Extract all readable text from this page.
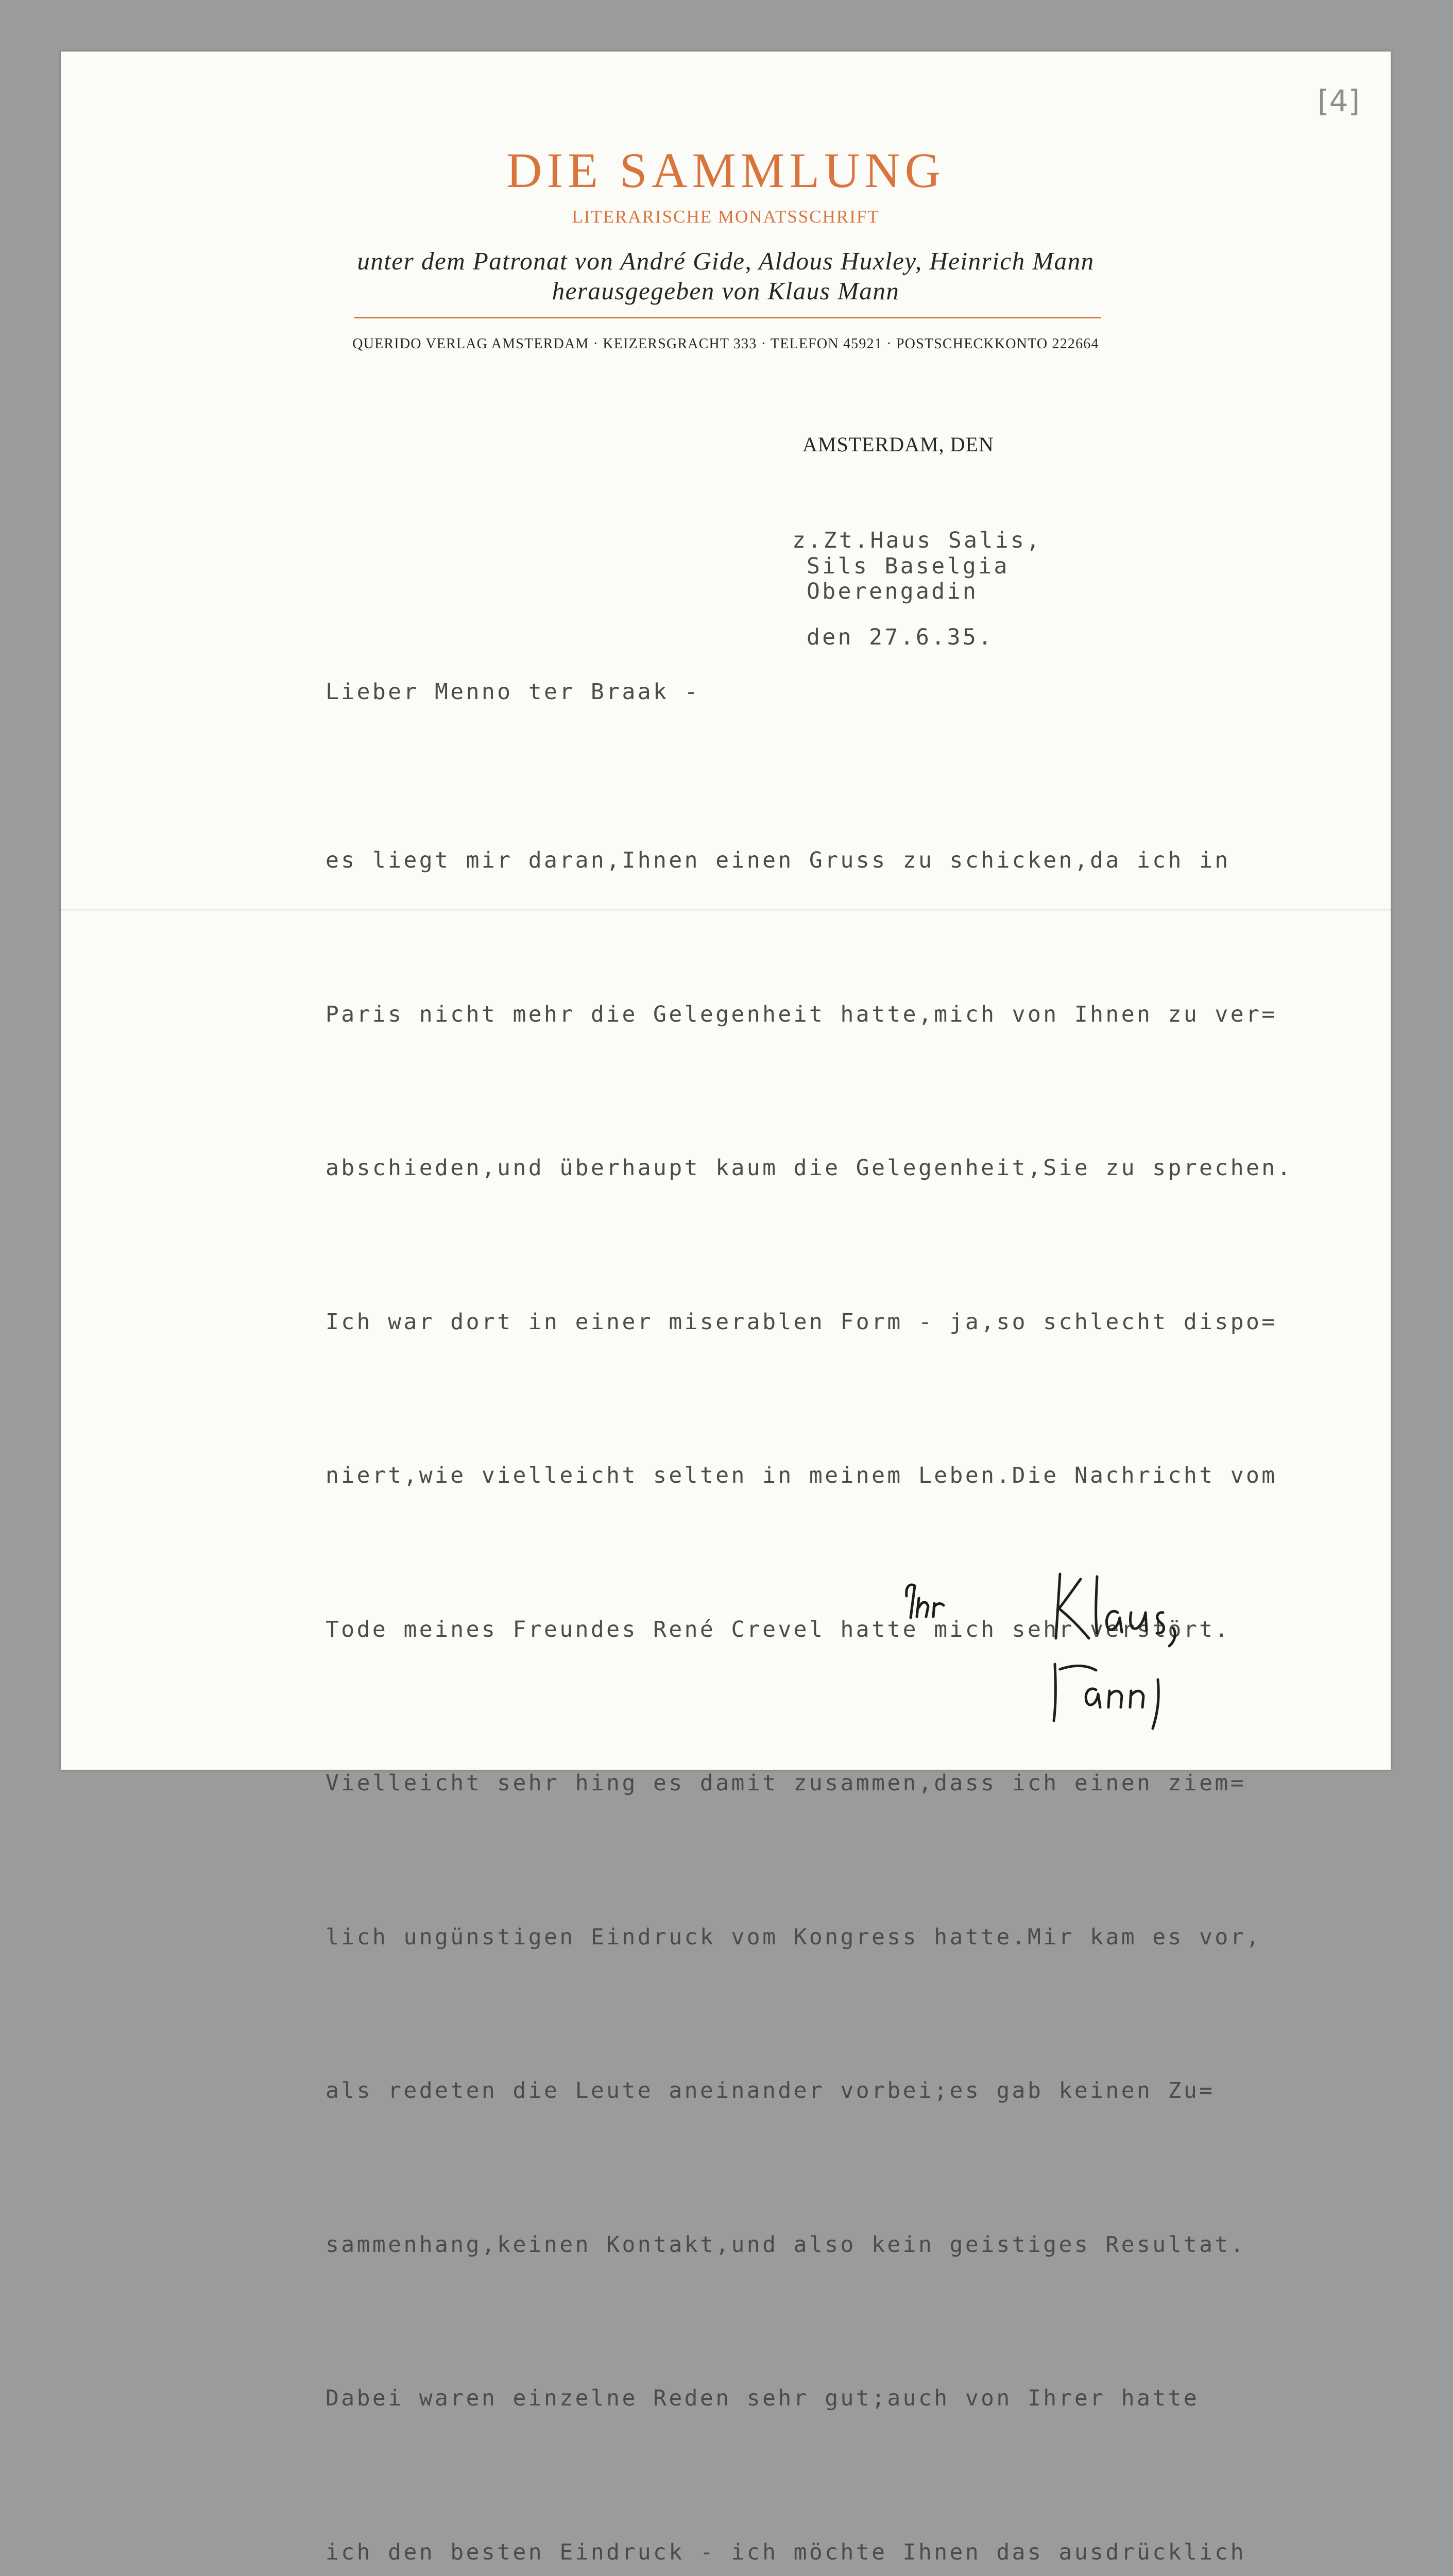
[4]
DIE SAMMLUNG
LITERARISCHE MONATSSCHRIFT
unter dem Patronat von André Gide, Aldous Huxley, Heinrich Mann
herausgegeben von Klaus Mann
QUERIDO VERLAG AMSTERDAM · KEIZERSGRACHT 333 · TELEFON 45921 · POSTSCHECKKONTO 222664
AMSTERDAM, DEN
z.Zt.Haus Salis,
Sils Baselgia
Oberengadin
den 27.6.35.
Lieber Menno ter Braak -

es liegt mir daran,Ihnen einen Gruss zu schicken,da ich in

Paris nicht mehr die Gelegenheit hatte,mich von Ihnen zu ver=

abschieden,und überhaupt kaum die Gelegenheit,Sie zu sprechen.

Ich war dort in einer miserablen Form - ja,so schlecht dispo=

niert,wie vielleicht selten in meinem Leben.Die Nachricht vom

Tode meines Freundes René Crevel hatte mich sehr verstört.

Vielleicht sehr hing es damit zusammen,dass ich einen ziem=

lich ungünstigen Eindruck vom Kongress hatte.Mir kam es vor,

als redeten die Leute aneinander vorbei;es gab keinen Zu=

sammenhang,keinen Kontakt,und also kein geistiges Resultat.

Dabei waren einzelne Reden sehr gut;auch von Ihrer hatte

ich den besten Eindruck - ich möchte Ihnen das ausdrücklich
